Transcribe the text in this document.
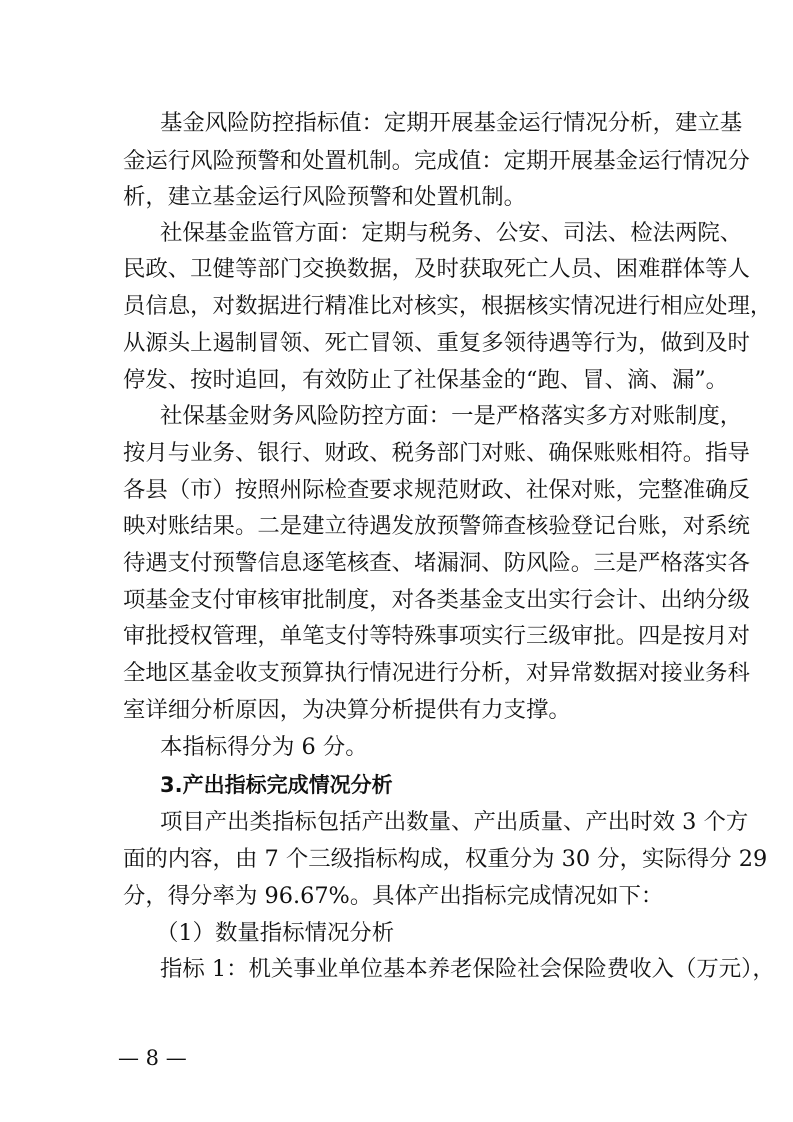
基金风险防控指标值：定期开展基金运行情况分析，建立基
金运行风险预警和处置机制。完成值：定期开展基金运行情况分
析，建立基金运行风险预警和处置机制。
社保基金监管方面：定期与税务、公安、司法、检法两院、
民政、卫健等部门交换数据，及时获取死亡人员、困难群体等人
员信息，对数据进行精准比对核实，根据核实情况进行相应处理，
从源头上遏制冒领、死亡冒领、重复多领待遇等行为，做到及时
停发、按时追回，有效防止了社保基金的“跑、冒、滴、漏”。
社保基金财务风险防控方面：一是严格落实多方对账制度，
按月与业务、银行、财政、税务部门对账、确保账账相符。指导
各县（市）按照州际检查要求规范财政、社保对账，完整准确反
映对账结果。二是建立待遇发放预警筛查核验登记台账，对系统
待遇支付预警信息逐笔核查、堵漏洞、防风险。三是严格落实各
项基金支付审核审批制度，对各类基金支出实行会计、出纳分级
审批授权管理，单笔支付等特殊事项实行三级审批。四是按月对
全地区基金收支预算执行情况进行分析，对异常数据对接业务科
室详细分析原因，为决算分析提供有力支撑。
本指标得分为 6 分。
3.产出指标完成情况分析
项目产出类指标包括产出数量、产出质量、产出时效 3 个方
面的内容，由 7 个三级指标构成，权重分为 30 分，实际得分 29
分，得分率为 96.67%。具体产出指标完成情况如下：
（1）数量指标情况分析
指标 1：机关事业单位基本养老保险社会保险费收入（万元），
— 8 —
